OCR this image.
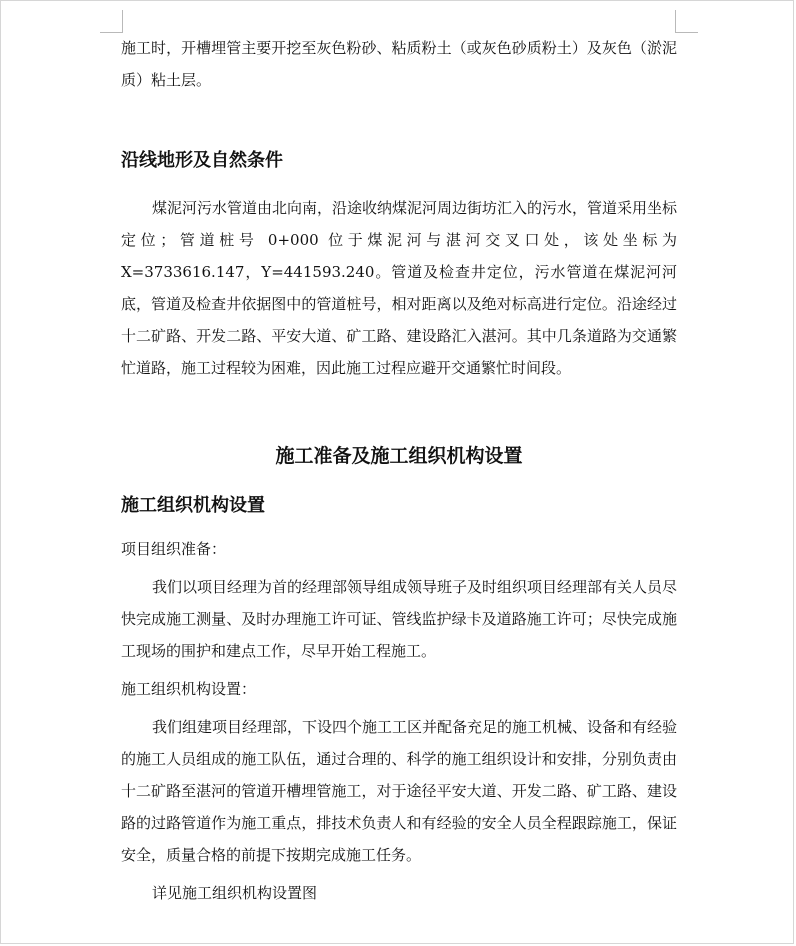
施工时，开槽埋管主要开挖至灰色粉砂、粘质粉土（或灰色砂质粉土）及灰色（淤泥质）粘土层。

沿线地形及自然条件

煤泥河污水管道由北向南，沿途收纳煤泥河周边街坊汇入的污水，管道采用坐标定位；管道桩号 0+000 位于煤泥河与湛河交叉口处，该处坐标为X=3733616.147，Y=441593.240。管道及检查井定位，污水管道在煤泥河河底，管道及检查井依据图中的管道桩号，相对距离以及绝对标高进行定位。沿途经过十二矿路、开发二路、平安大道、矿工路、建设路汇入湛河。其中几条道路为交通繁忙道路，施工过程较为困难，因此施工过程应避开交通繁忙时间段。

施工准备及施工组织机构设置
施工组织机构设置

项目组织准备：

我们以项目经理为首的经理部领导组成领导班子及时组织项目经理部有关人员尽快完成施工测量、及时办理施工许可证、管线监护绿卡及道路施工许可；尽快完成施工现场的围护和建点工作，尽早开始工程施工。

施工组织机构设置：

我们组建项目经理部，下设四个施工工区并配备充足的施工机械、设备和有经验的施工人员组成的施工队伍，通过合理的、科学的施工组织设计和安排，分别负责由十二矿路至湛河的管道开槽埋管施工，对于途径平安大道、开发二路、矿工路、建设路的过路管道作为施工重点，排技术负责人和有经验的安全人员全程跟踪施工，保证安全，质量合格的前提下按期完成施工任务。

详见施工组织机构设置图
